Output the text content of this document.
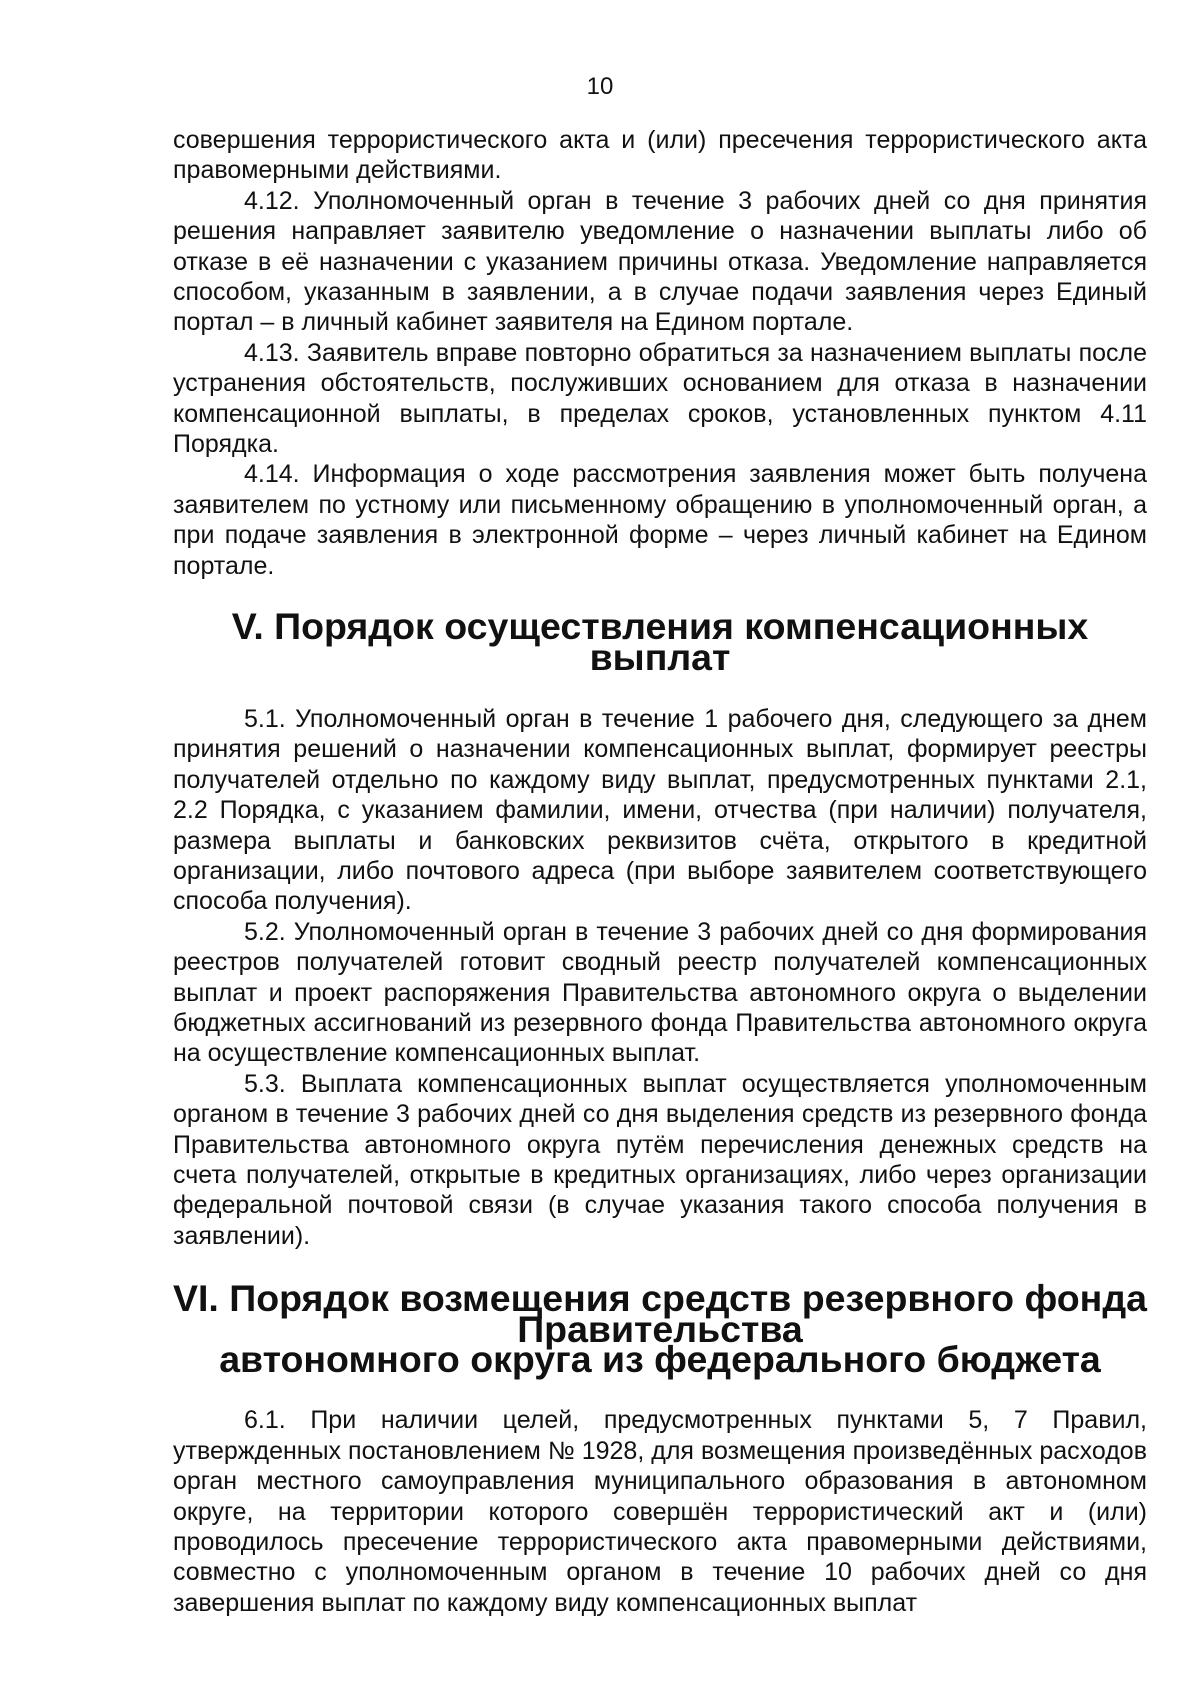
10

совершения террористического акта и (или) пресечения террористического акта правомерными действиями.

4.12. Уполномоченный орган в течение 3 рабочих дней со дня принятия решения направляет заявителю уведомление о назначении выплаты либо об отказе в её назначении с указанием причины отказа. Уведомление направляется способом, указанным в заявлении, а в случае подачи заявления через Единый портал – в личный кабинет заявителя на Едином портале.

4.13. Заявитель вправе повторно обратиться за назначением выплаты после устранения обстоятельств, послуживших основанием для отказа в назначении компенсационной выплаты, в пределах сроков, установленных пунктом 4.11 Порядка.

4.14. Информация о ходе рассмотрения заявления может быть получена заявителем по устному или письменному обращению в уполномоченный орган, а при подаче заявления в электронной форме – через личный кабинет на Едином портале.

V. Порядок осуществления компенсационных выплат

5.1. Уполномоченный орган в течение 1 рабочего дня, следующего за днем принятия решений о назначении компенсационных выплат, формирует реестры получателей отдельно по каждому виду выплат, предусмотренных пунктами 2.1, 2.2 Порядка, с указанием фамилии, имени, отчества (при наличии) получателя, размера выплаты и банковских реквизитов счёта, открытого в кредитной организации, либо почтового адреса (при выборе заявителем соответствующего способа получения).

5.2. Уполномоченный орган в течение 3 рабочих дней со дня формирования реестров получателей готовит сводный реестр получателей компенсационных выплат и проект распоряжения Правительства автономного округа о выделении бюджетных ассигнований из резервного фонда Правительства автономного округа на осуществление компенсационных выплат.

5.3. Выплата компенсационных выплат осуществляется уполномоченным органом в течение 3 рабочих дней со дня выделения средств из резервного фонда Правительства автономного округа путём перечисления денежных средств на счета получателей, открытые в кредитных организациях, либо через организации федеральной почтовой связи (в случае указания такого способа получения в заявлении).

VI. Порядок возмещения средств резервного фонда Правительства
автономного округа из федерального бюджета

6.1. При наличии целей, предусмотренных пунктами 5, 7 Правил, утвержденных постановлением № 1928, для возмещения произведённых расходов орган местного самоуправления муниципального образования в автономном округе, на территории которого совершён террористический акт и (или) проводилось пресечение террористического акта правомерными действиями, совместно с уполномоченным органом в течение 10 рабочих дней со дня завершения выплат по каждому виду компенсационных выплат
